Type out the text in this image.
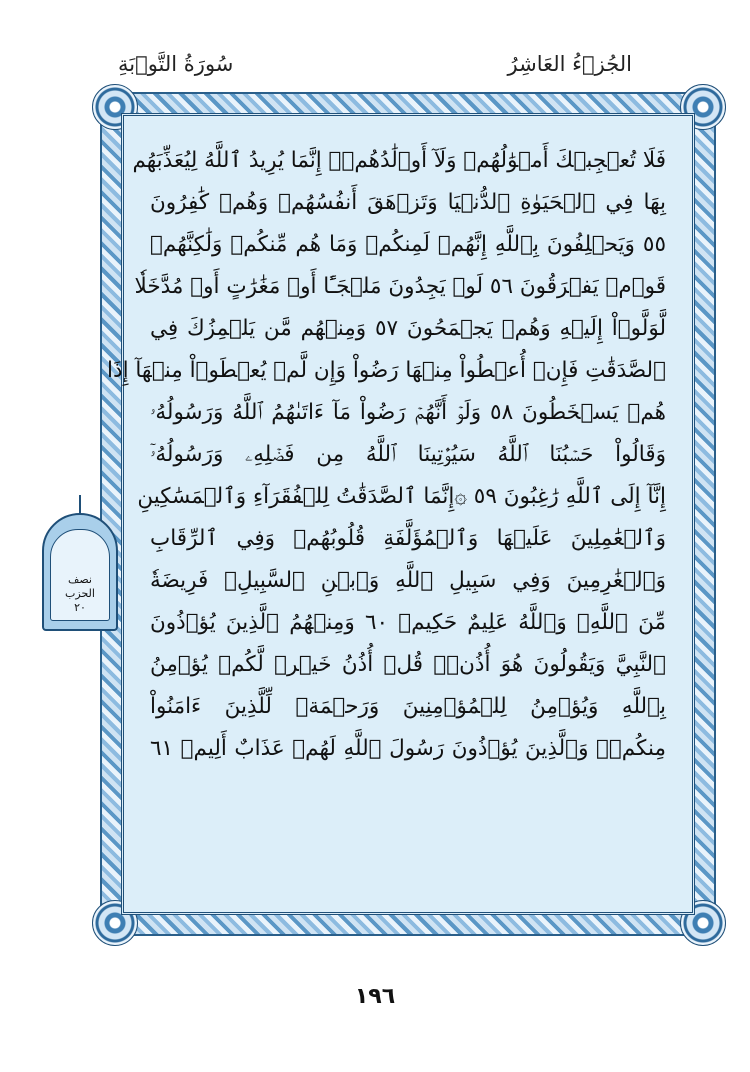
الجُزۡءُ العَاشِرُ
سُورَةُ التَّوۡبَةِ
فَلَا تُعۡجِبۡكَ أَمۡوَٰلُهُمۡ وَلَآ أَوۡلَٰدُهُمۡۚ إِنَّمَا يُرِيدُ ٱللَّهُ لِيُعَذِّبَهُم
بِهَا فِي ٱلۡحَيَوٰةِ ٱلدُّنۡيَا وَتَزۡهَقَ أَنفُسُهُمۡ وَهُمۡ كَٰفِرُونَ
٥٥ وَيَحۡلِفُونَ بِٱللَّهِ إِنَّهُمۡ لَمِنكُمۡ وَمَا هُم مِّنكُمۡ وَلَٰكِنَّهُمۡ
قَوۡمٞ يَفۡرَقُونَ ٥٦ لَوۡ يَجِدُونَ مَلۡجَـًٔا أَوۡ مَغَٰرَٰتٍ أَوۡ مُدَّخَلٗا
لَّوَلَّوۡاْ إِلَيۡهِ وَهُمۡ يَجۡمَحُونَ ٥٧ وَمِنۡهُم مَّن يَلۡمِزُكَ فِي
ٱلصَّدَقَٰتِ فَإِنۡ أُعۡطُواْ مِنۡهَا رَضُواْ وَإِن لَّمۡ يُعۡطَوۡاْ مِنۡهَآ إِذَا
هُمۡ يَسۡخَطُونَ ٥٨ وَلَوۡ أَنَّهُمۡ رَضُواْ مَآ ءَاتَىٰهُمُ ٱللَّهُ وَرَسُولُهُۥ
وَقَالُواْ حَسۡبُنَا ٱللَّهُ سَيُؤۡتِينَا ٱللَّهُ مِن فَضۡلِهِۦ وَرَسُولُهُۥٓ
إِنَّآ إِلَى ٱللَّهِ رَٰغِبُونَ ٥٩ ۞إِنَّمَا ٱلصَّدَقَٰتُ لِلۡفُقَرَآءِ وَٱلۡمَسَٰكِينِ
وَٱلۡعَٰمِلِينَ عَلَيۡهَا وَٱلۡمُؤَلَّفَةِ قُلُوبُهُمۡ وَفِي ٱلرِّقَابِ
وَٱلۡغَٰرِمِينَ وَفِي سَبِيلِ ٱللَّهِ وَٱبۡنِ ٱلسَّبِيلِۖ فَرِيضَةٗ
مِّنَ ٱللَّهِۗ وَٱللَّهُ عَلِيمٌ حَكِيمٞ ٦٠ وَمِنۡهُمُ ٱلَّذِينَ يُؤۡذُونَ
ٱلنَّبِيَّ وَيَقُولُونَ هُوَ أُذُنٞۚ قُلۡ أُذُنُ خَيۡرٖ لَّكُمۡ يُؤۡمِنُ
بِٱللَّهِ وَيُؤۡمِنُ لِلۡمُؤۡمِنِينَ وَرَحۡمَةٞ لِّلَّذِينَ ءَامَنُواْ
مِنكُمۡۚ وَٱلَّذِينَ يُؤۡذُونَ رَسُولَ ٱللَّهِ لَهُمۡ عَذَابٌ أَلِيمٞ ٦١
نصف
الحزب
٢٠
١٩٦
